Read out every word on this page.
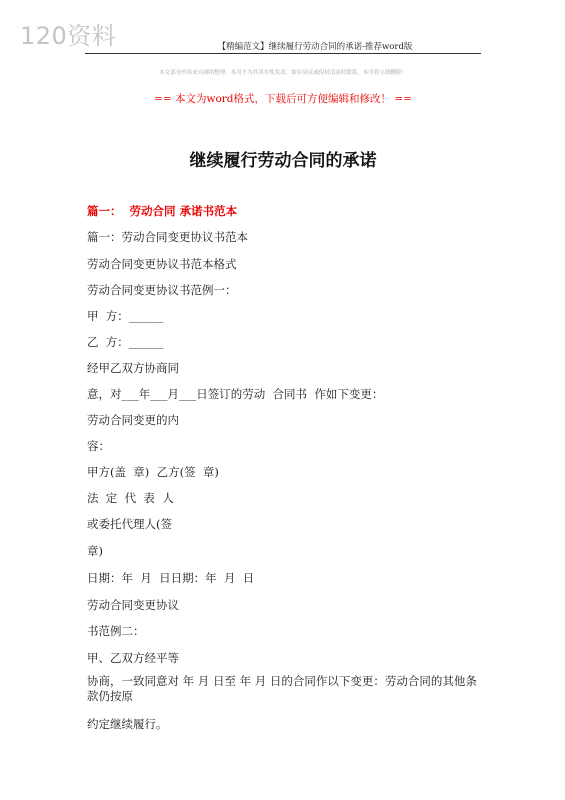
120资料	【精编范文】继续履行劳动合同的承诺-推荐word版
本文部分内容来自网络整理，本司不为其真实性负责，如有异议或侵权请及时联系，本司将立即删除！
== 本文为word格式，下载后可方便编辑和修改！ ==
继续履行劳动合同的承诺
篇一：  劳动合同 承诺书范本
篇一：劳动合同变更协议书范本
劳动合同变更协议书范本格式
劳动合同变更协议书范例一：
甲  方：______
乙  方：______
经甲乙双方协商同
意，对___年___月___日签订的劳动  合同书  作如下变更：
劳动合同变更的内
容：
甲方(盖  章)  乙方(签  章)
法  定  代  表  人
或委托代理人(签
章)
日期：年  月  日日期：年  月  日
劳动合同变更协议
书范例二：
甲、乙双方经平等
协商，一致同意对 年 月 日至 年 月 日的合同作以下变更：劳动合同的其他条款仍按原
约定继续履行。
